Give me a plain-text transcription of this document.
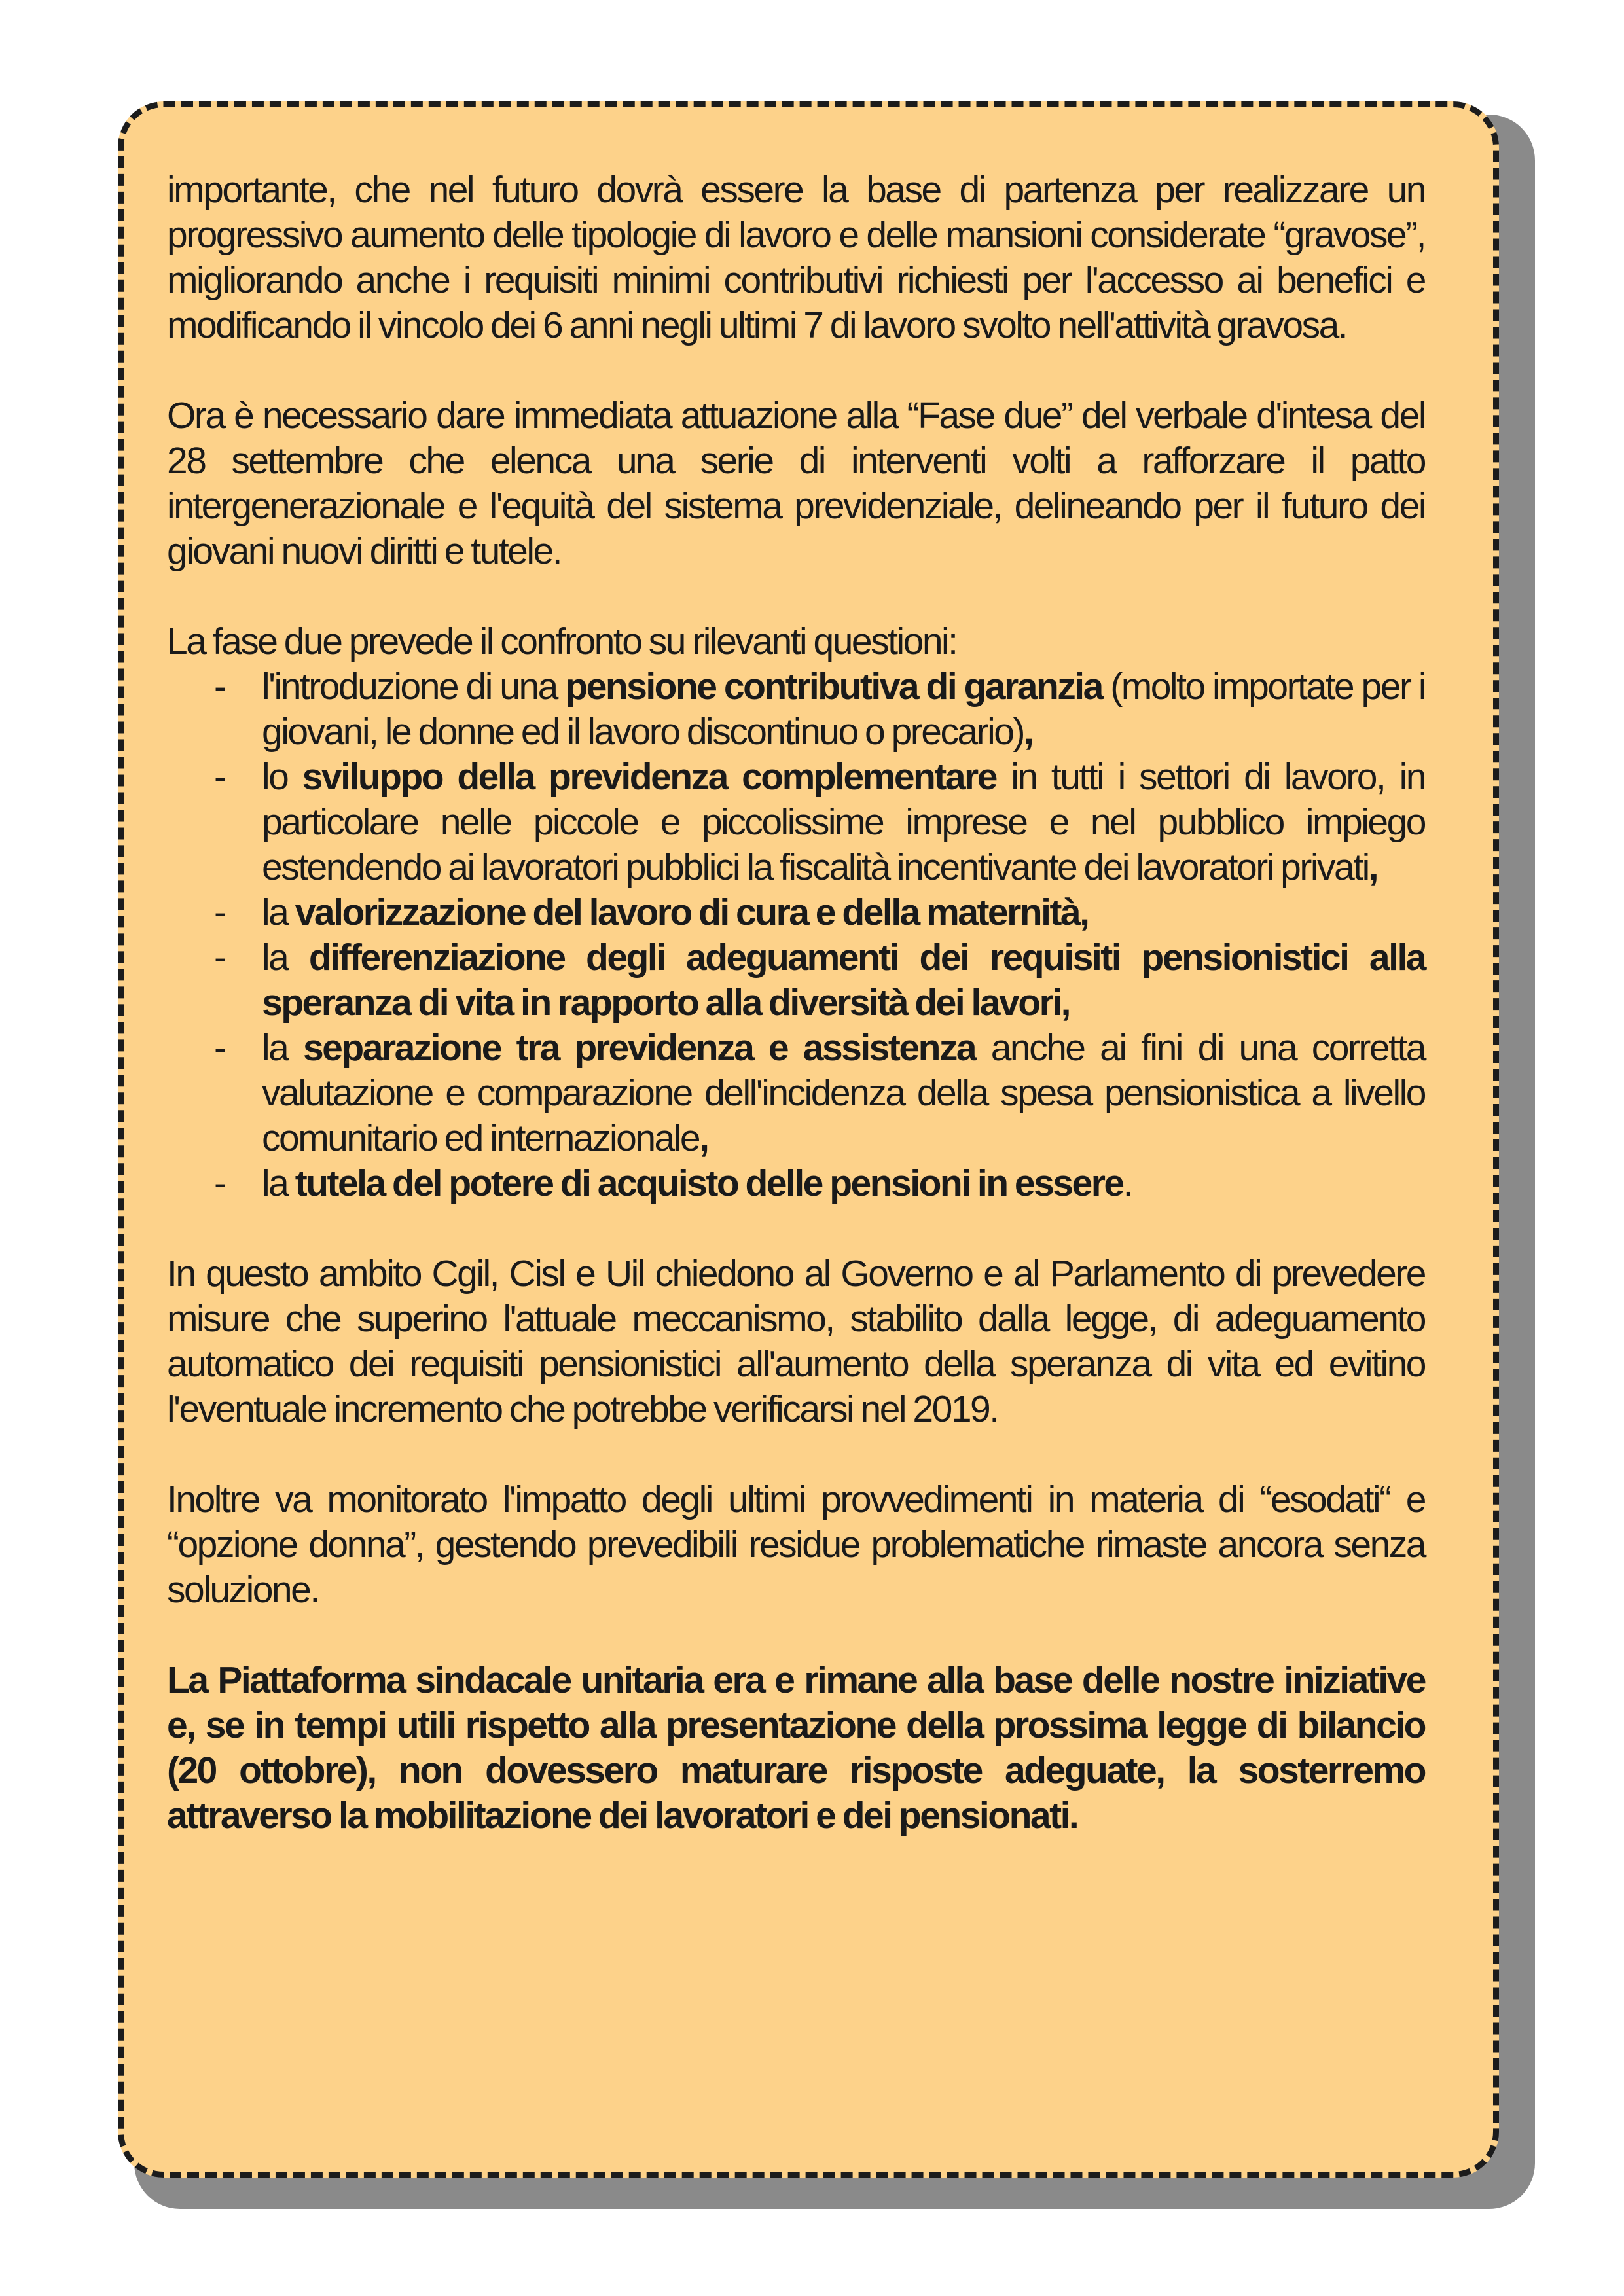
importante, che nel futuro dovrà essere la base di partenza per realizzare un progressivo aumento delle tipologie di lavoro e delle mansioni considerate “gravose”, migliorando anche i requisiti minimi contributivi richiesti per l'accesso ai benefici e modificando il vincolo dei 6 anni negli ultimi 7 di lavoro svolto nell'attività gravosa.

Ora è necessario dare immediata attuazione alla “Fase due” del verbale d'intesa del 28 settembre che elenca una serie di interventi volti a rafforzare il patto intergenerazionale e l'equità del sistema previdenziale, delineando per il futuro dei giovani nuovi diritti e tutele.

La fase due prevede il confronto su rilevanti questioni:

- l'introduzione di una pensione contributiva di garanzia (molto importate per i giovani, le donne ed il lavoro discontinuo o precario),
- lo sviluppo della previdenza complementare in tutti i settori di lavoro, in particolare nelle piccole e piccolissime imprese e nel pubblico impiego estendendo ai lavoratori pubblici la fiscalità incentivante dei lavoratori privati,
- la valorizzazione del lavoro di cura e della maternità,
- la differenziazione degli adeguamenti dei requisiti pensionistici alla speranza di vita in rapporto alla diversità dei lavori,
- la separazione tra previdenza e assistenza anche ai fini di una corretta valutazione e comparazione dell'incidenza della spesa pensionistica a livello comunitario ed internazionale,
- la tutela del potere di acquisto delle pensioni in essere.

In questo ambito Cgil, Cisl e Uil chiedono al Governo e al Parlamento di prevedere misure che superino l'attuale meccanismo, stabilito dalla legge, di adeguamento automatico dei requisiti pensionistici all'aumento della speranza di vita ed evitino l'eventuale incremento che potrebbe verificarsi nel 2019.

Inoltre va monitorato l'impatto degli ultimi provvedimenti in materia di “esodati“ e “opzione donna”, gestendo prevedibili residue problematiche rimaste ancora senza soluzione.

La Piattaforma sindacale unitaria era e rimane alla base delle nostre iniziative e, se in tempi utili rispetto alla presentazione della prossima legge di bilancio (20 ottobre), non dovessero maturare risposte adeguate, la sosterremo attraverso la mobilitazione dei lavoratori e dei pensionati.
